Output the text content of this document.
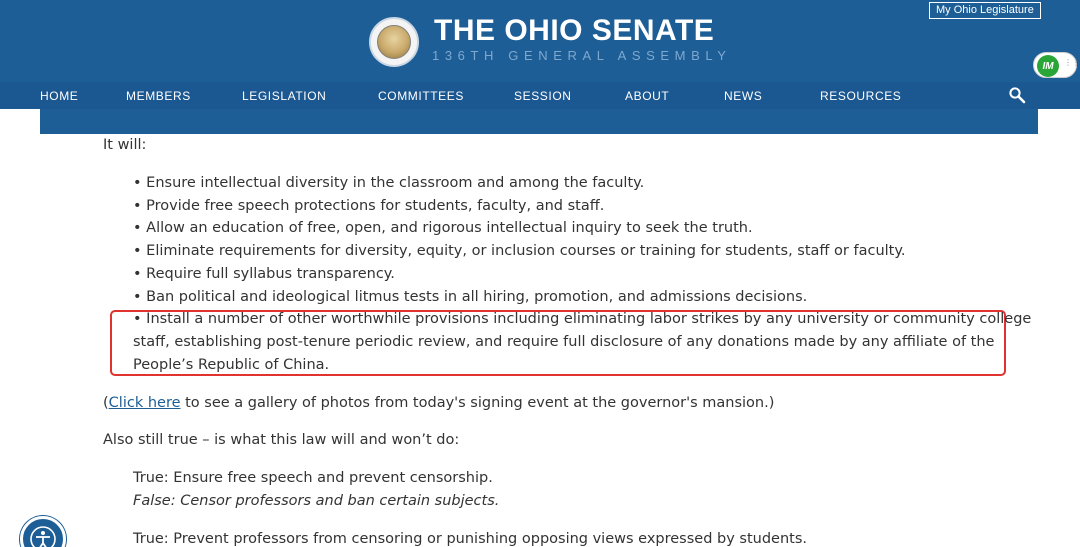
THE OHIO SENATE
136TH GENERAL ASSEMBLY
My Ohio Legislature
IM	⋮⋮
HOME	MEMBERS	LEGISLATION	COMMITTEES	SESSION	ABOUT	NEWS	RESOURCES
It will:
• Ensure intellectual diversity in the classroom and among the faculty.
• Provide free speech protections for students, faculty, and staff.
• Allow an education of free, open, and rigorous intellectual inquiry to seek the truth.
• Eliminate requirements for diversity, equity, or inclusion courses or training for students, staff or faculty.
• Require full syllabus transparency.
• Ban political and ideological litmus tests in all hiring, promotion, and admissions decisions.
• Install a number of other worthwhile provisions including eliminating labor strikes by any university or community college
staff, establishing post-tenure periodic review, and require full disclosure of any donations made by any affiliate of the
People’s Republic of China.
(Click here to see a gallery of photos from today's signing event at the governor's mansion.)
Also still true – is what this law will and won’t do:
True: Ensure free speech and prevent censorship.
False: Censor professors and ban certain subjects.
True: Prevent professors from censoring or punishing opposing views expressed by students.
